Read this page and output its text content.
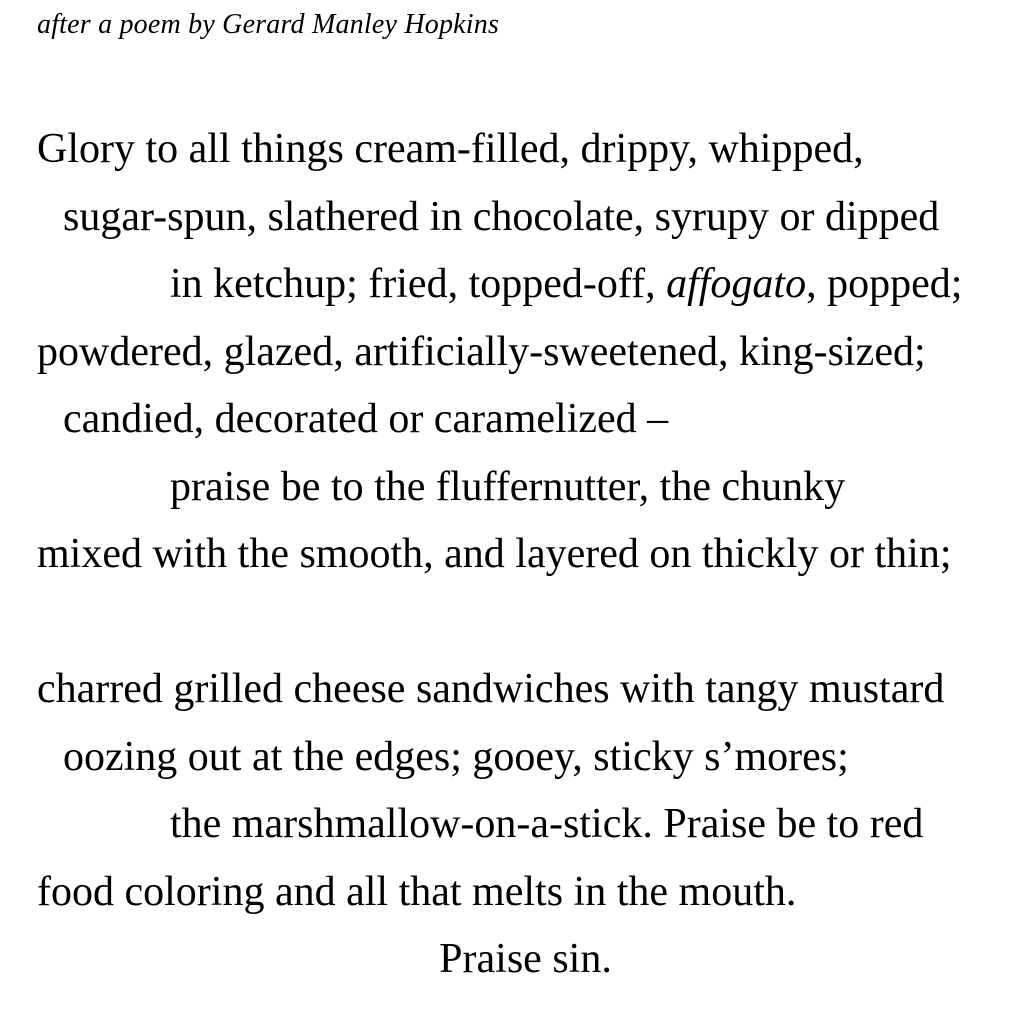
after a poem by Gerard Manley Hopkins
Glory to all things cream-filled, drippy, whipped,
sugar-spun, slathered in chocolate, syrupy or dipped
in ketchup; fried, topped-off, affogato, popped;
powdered, glazed, artificially-sweetened, king-sized;
candied, decorated or caramelized –
praise be to the fluffernutter, the chunky
mixed with the smooth, and layered on thickly or thin;
charred grilled cheese sandwiches with tangy mustard
oozing out at the edges; gooey, sticky s’mores;
the marshmallow-on-a-stick. Praise be to red
food coloring and all that melts in the mouth.
Praise sin.
